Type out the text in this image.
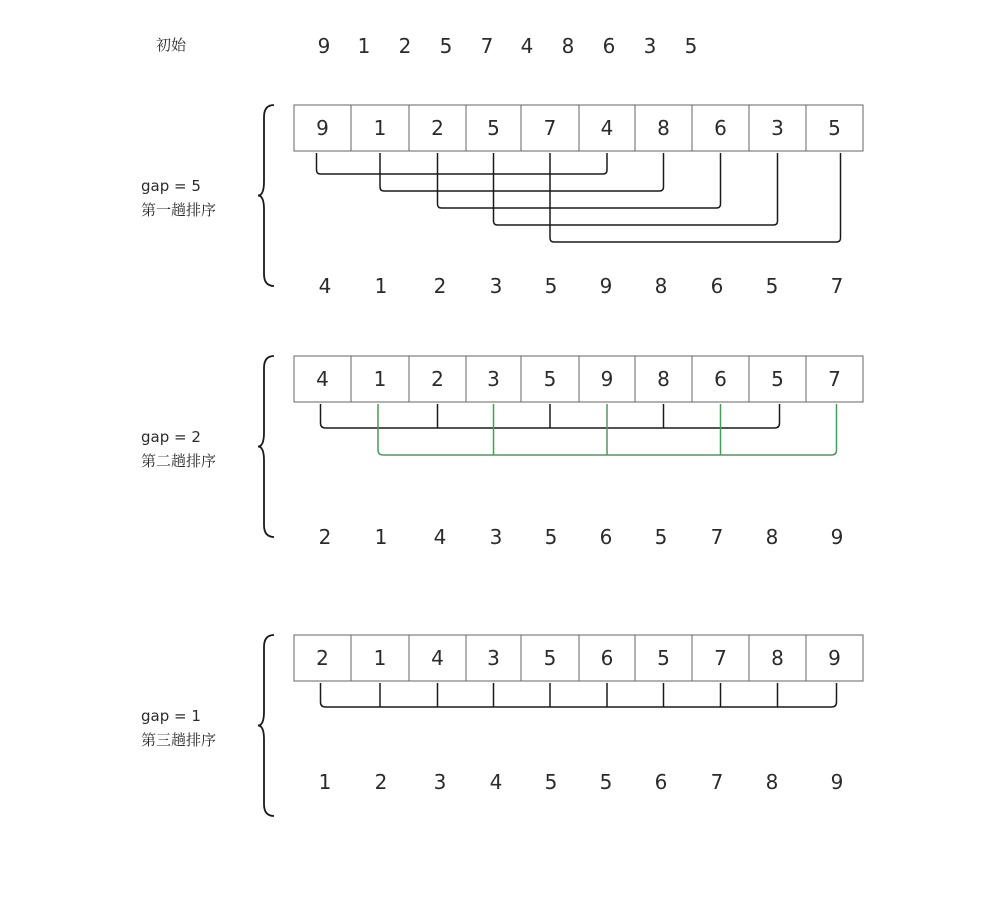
初始	9	1	2	5	7	4	8	6	3	5
gap = 5
第一趟排序
gap = 2
第二趟排序
gap = 1
第三趟排序
9 1 2 5 7 4 8 6 3 5
4 1 2 3 5 9 8 6 5	7
4 1 2 3 5 9 8 6 5 7
2 1 4 3 5 6 5 7 8	9
2 1 4 3 5 6 5 7 8 9
1 2 3 4 5 5 6 7 8	9
